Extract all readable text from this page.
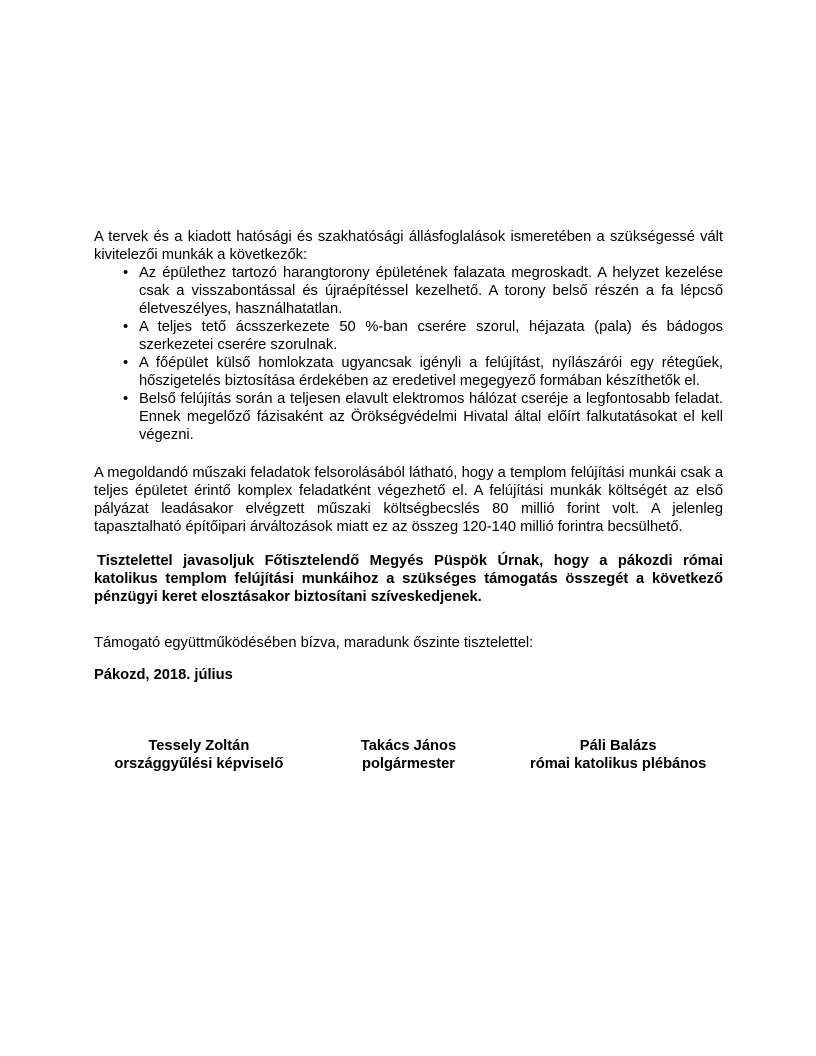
A tervek és a kiadott hatósági és szakhatósági állásfoglalások ismeretében a szükségessé vált kivitelezői munkák a következők:

• Az épülethez tartozó harangtorony épületének falazata megroskadt. A helyzet kezelése csak a visszabontással és újraépítéssel kezelhető. A torony belső részén a fa lépcső életveszélyes, használhatatlan.
• A teljes tető ácsszerkezete 50 %-ban cserére szorul, héjazata (pala) és bádogos szerkezetei cserére szorulnak.
• A főépület külső homlokzata ugyancsak igényli a felújítást, nyílászárói egy rétegűek, hőszigetelés biztosítása érdekében az eredetivel megegyező formában készíthetők el.
• Belső felújítás során a teljesen elavult elektromos hálózat cseréje a legfontosabb feladat. Ennek megelőző fázisaként az Örökségvédelmi Hivatal által előírt falkutatásokat el kell végezni.

A megoldandó műszaki feladatok felsorolásából látható, hogy a templom felújítási munkái csak a teljes épületet érintő komplex feladatként végezhető el. A felújítási munkák költségét az első pályázat leadásakor elvégzett műszaki költségbecslés 80 millió forint volt. A jelenleg tapasztalható építőipari árváltozások miatt ez az összeg 120-140 millió forintra becsülhető.

Tisztelettel javasoljuk Főtisztelendő Megyés Püspök Úrnak, hogy a pákozdi római katolikus templom felújítási munkáihoz a szükséges támogatás összegét a következő pénzügyi keret elosztásakor biztosítani szíveskedjenek.

Támogató együttműködésében bízva, maradunk őszinte tisztelettel:

Pákozd, 2018. július

Tessely Zoltán
országgyűlési képviselő
Takács János
polgármester
Páli Balázs
római katolikus plébános
